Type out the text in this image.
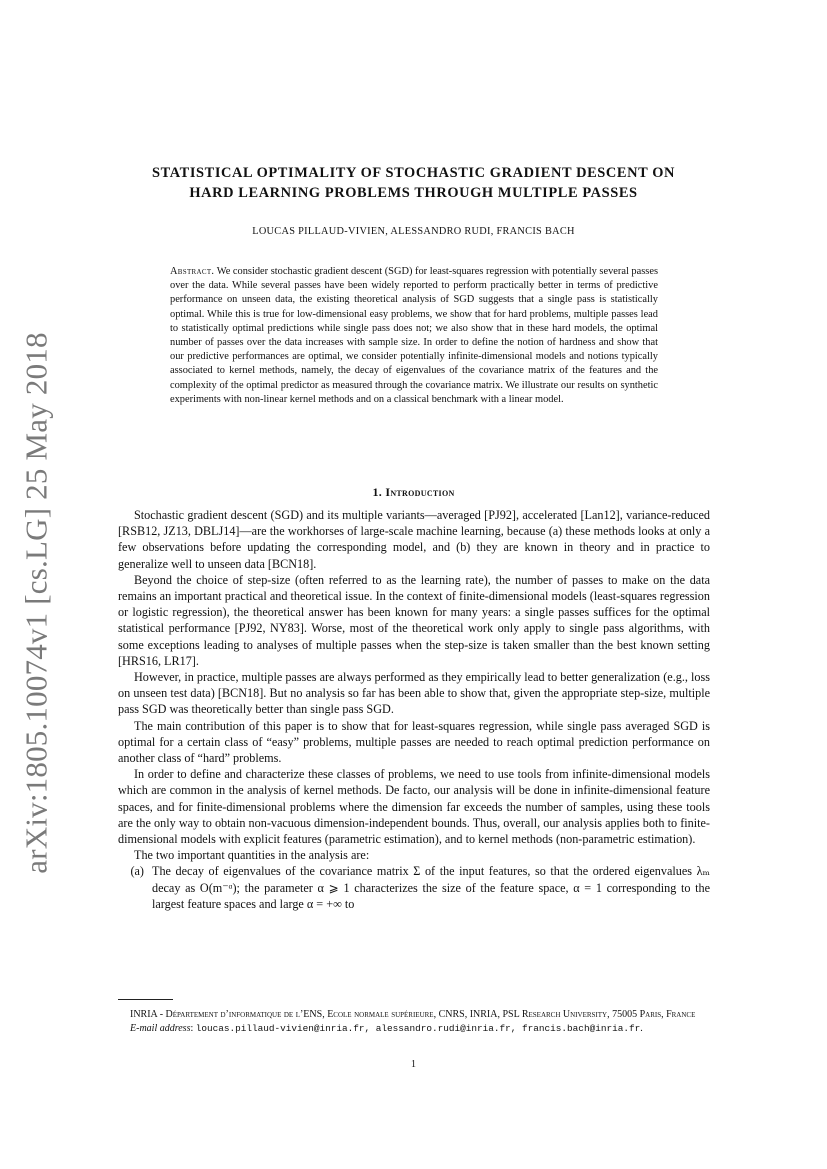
arXiv:1805.10074v1 [cs.LG] 25 May 2018
STATISTICAL OPTIMALITY OF STOCHASTIC GRADIENT DESCENT ON
HARD LEARNING PROBLEMS THROUGH MULTIPLE PASSES
LOUCAS PILLAUD-VIVIEN, ALESSANDRO RUDI, FRANCIS BACH

Abstract. We consider stochastic gradient descent (SGD) for least-squares regression with potentially several passes over the data. While several passes have been widely reported to perform practically better in terms of predictive performance on unseen data, the existing theoretical analysis of SGD suggests that a single pass is statistically optimal. While this is true for low-dimensional easy problems, we show that for hard problems, multiple passes lead to statistically optimal predictions while single pass does not; we also show that in these hard models, the optimal number of passes over the data increases with sample size. In order to define the notion of hardness and show that our predictive performances are optimal, we consider potentially infinite-dimensional models and notions typically associated to kernel methods, namely, the decay of eigenvalues of the covariance matrix of the features and the complexity of the optimal predictor as measured through the covariance matrix. We illustrate our results on synthetic experiments with non-linear kernel methods and on a classical benchmark with a linear model.

1. Introduction

Stochastic gradient descent (SGD) and its multiple variants—averaged [PJ92], accelerated [Lan12], variance-reduced [RSB12, JZ13, DBLJ14]—are the workhorses of large-scale machine learning, because (a) these methods looks at only a few observations before updating the corresponding model, and (b) they are known in theory and in practice to generalize well to unseen data [BCN18].

Beyond the choice of step-size (often referred to as the learning rate), the number of passes to make on the data remains an important practical and theoretical issue. In the context of finite-dimensional models (least-squares regression or logistic regression), the theoretical answer has been known for many years: a single passes suffices for the optimal statistical performance [PJ92, NY83]. Worse, most of the theoretical work only apply to single pass algorithms, with some exceptions leading to analyses of multiple passes when the step-size is taken smaller than the best known setting [HRS16, LR17].

However, in practice, multiple passes are always performed as they empirically lead to better generalization (e.g., loss on unseen test data) [BCN18]. But no analysis so far has been able to show that, given the appropriate step-size, multiple pass SGD was theoretically better than single pass SGD.

The main contribution of this paper is to show that for least-squares regression, while single pass averaged SGD is optimal for a certain class of “easy” problems, multiple passes are needed to reach optimal prediction performance on another class of “hard” problems.

In order to define and characterize these classes of problems, we need to use tools from infinite-dimensional models which are common in the analysis of kernel methods. De facto, our analysis will be done in infinite-dimensional feature spaces, and for finite-dimensional problems where the dimension far exceeds the number of samples, using these tools are the only way to obtain non-vacuous dimension-independent bounds. Thus, overall, our analysis applies both to finite-dimensional models with explicit features (parametric estimation), and to kernel methods (non-parametric estimation).

The two important quantities in the analysis are:

(a) The decay of eigenvalues of the covariance matrix Σ of the input features, so that the ordered eigenvalues λₘ decay as O(m⁻ᵅ); the parameter α ⩾ 1 characterizes the size of the feature space, α = 1 corresponding to the largest feature spaces and large α = +∞ to

INRIA - Département d’informatique de l’ENS, Ecole normale supérieure, CNRS, INRIA, PSL Research University, 75005 Paris, France

E-mail address: loucas.pillaud-vivien@inria.fr, alessandro.rudi@inria.fr, francis.bach@inria.fr.

1
